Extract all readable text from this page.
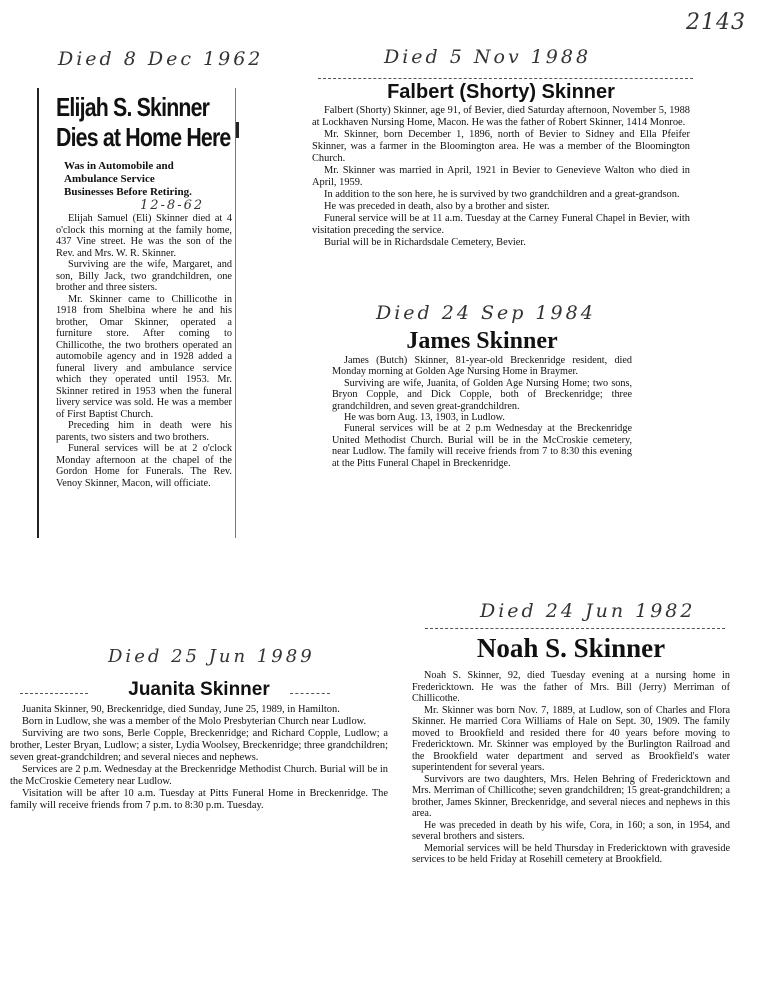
2143
Died 8 Dec 1962
Elijah S. Skinner
Dies at Home Here
Was in Automobile and
Ambulance Service
Businesses Before Retiring.
12-8-62

Elijah Samuel (Eli) Skinner died at 4 o'clock this morning at the family home, 437 Vine street. He was the son of the Rev. and Mrs. W. R. Skinner.

Surviving are the wife, Margaret, and son, Billy Jack, two grandchildren, one brother and three sisters.

Mr. Skinner came to Chillicothe in 1918 from Shelbina where he and his brother, Omar Skinner, operated a furniture store. After coming to Chillicothe, the two brothers operated an automobile agency and in 1928 added a funeral livery and ambulance service which they operated until 1953. Mr. Skinner retired in 1953 when the funeral livery service was sold. He was a member of First Baptist Church.

Preceding him in death were his parents, two sisters and two brothers.

Funeral services will be at 2 o'clock Monday afternoon at the chapel of the Gordon Home for Funerals. The Rev. Venoy Skinner, Macon, will officiate.

Died 5 Nov 1988
Falbert (Shorty) Skinner

Falbert (Shorty) Skinner, age 91, of Bevier, died Saturday afternoon, November 5, 1988 at Lockhaven Nursing Home, Macon. He was the father of Robert Skinner, 1414 Monroe.

Mr. Skinner, born December 1, 1896, north of Bevier to Sidney and Ella Pfeifer Skinner, was a farmer in the Bloomington area. He was a member of the Bloomington Church.

Mr. Skinner was married in April, 1921 in Bevier to Genevieve Walton who died in April, 1959.

In addition to the son here, he is survived by two grandchildren and a great-grandson.

He was preceded in death, also by a brother and sister.

Funeral service will be at 11 a.m. Tuesday at the Carney Funeral Chapel in Bevier, with visitation preceding the service.

Burial will be in Richardsdale Cemetery, Bevier.

Died 24 Sep 1984
James Skinner

James (Butch) Skinner, 81-year-old Breckenridge resident, died Monday morning at Golden Age Nursing Home in Braymer.

Surviving are wife, Juanita, of Golden Age Nursing Home; two sons, Bryon Copple, and Dick Copple, both of Breckenridge; three grandchildren, and seven great-grandchildren.

He was born Aug. 13, 1903, in Ludlow.

Funeral services will be at 2 p.m Wednesday at the Breckenridge United Methodist Church. Burial will be in the McCroskie cemetery, near Ludlow. The family will receive friends from 7 to 8:30 this evening at the Pitts Funeral Chapel in Breckenridge.

Died 25 Jun 1989
Juanita Skinner

Juanita Skinner, 90, Breckenridge, died Sunday, June 25, 1989, in Hamilton.

Born in Ludlow, she was a member of the Molo Presbyterian Church near Ludlow.

Surviving are two sons, Berle Copple, Breckenridge; and Richard Copple, Ludlow; a brother, Lester Bryan, Ludlow; a sister, Lydia Woolsey, Breckenridge; three grandchildren; seven great-grandchildren; and several nieces and nephews.

Services are 2 p.m. Wednesday at the Breckenridge Methodist Church. Burial will be in the McCroskie Cemetery near Ludlow.

Visitation will be after 10 a.m. Tuesday at Pitts Funeral Home in Breckenridge. The family will receive friends from 7 p.m. to 8:30 p.m. Tuesday.

Died 24 Jun 1982
Noah S. Skinner

Noah S. Skinner, 92, died Tuesday evening at a nursing home in Fredericktown. He was the father of Mrs. Bill (Jerry) Merriman of Chillicothe.

Mr. Skinner was born Nov. 7, 1889, at Ludlow, son of Charles and Flora Skinner. He married Cora Williams of Hale on Sept. 30, 1909. The family moved to Brookfield and resided there for 40 years before moving to Fredericktown. Mr. Skinner was employed by the Burlington Railroad and the Brookfield water department and served as Brookfield's water superintendent for several years.

Survivors are two daughters, Mrs. Helen Behring of Fredericktown and Mrs. Merriman of Chillicothe; seven grandchildren; 15 great-grandchildren; a brother, James Skinner, Breckenridge, and several nieces and nephews in this area.

He was preceded in death by his wife, Cora, in 160; a son, in 1954, and several brothers and sisters.

Memorial services will be held Thursday in Fredericktown with graveside services to be held Friday at Rosehill cemetery at Brookfield.
